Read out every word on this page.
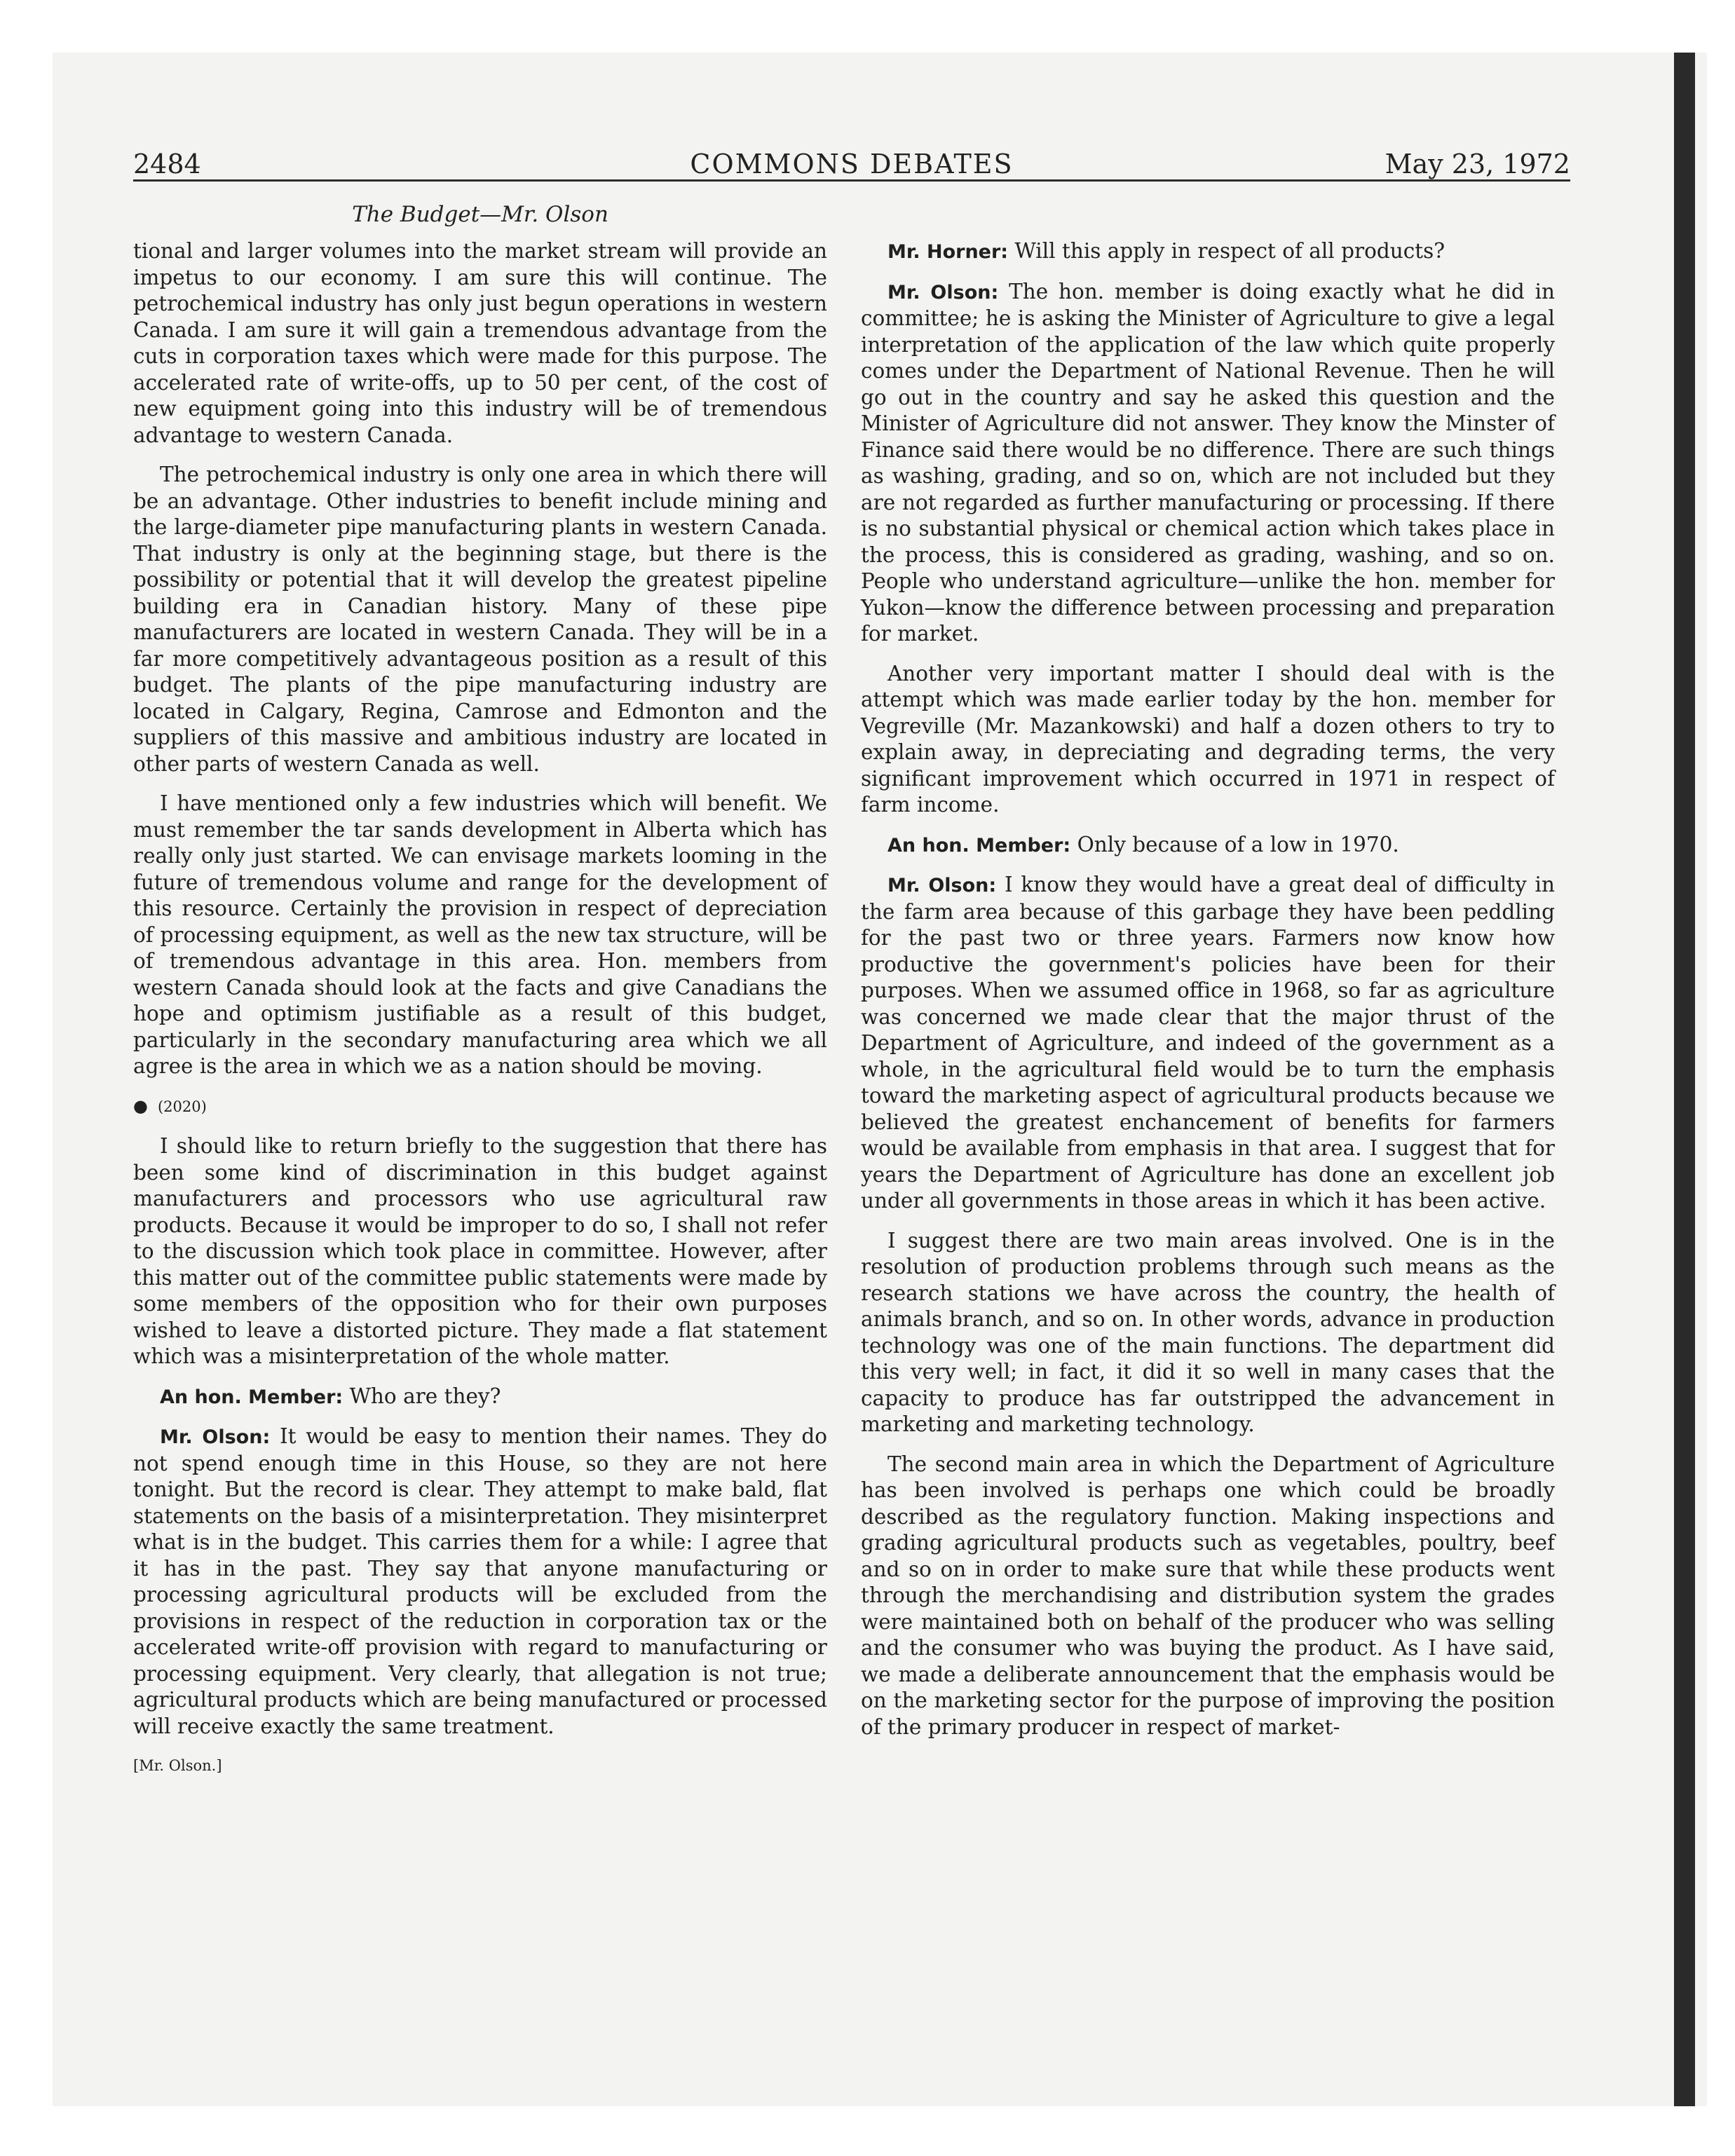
2484	COMMONS DEBATES	May 23, 1972
The Budget—Mr. Olson

tional and larger volumes into the market stream will provide an impetus to our economy. I am sure this will continue. The petrochemical industry has only just begun operations in western Canada. I am sure it will gain a tremendous advantage from the cuts in corporation taxes which were made for this purpose. The accelerated rate of write-offs, up to 50 per cent, of the cost of new equipment going into this industry will be of tremendous advantage to western Canada.

The petrochemical industry is only one area in which there will be an advantage. Other industries to benefit include mining and the large-diameter pipe manufacturing plants in western Canada. That industry is only at the beginning stage, but there is the possibility or potential that it will develop the greatest pipeline building era in Canadian history. Many of these pipe manufacturers are located in western Canada. They will be in a far more competitively advantageous position as a result of this budget. The plants of the pipe manufacturing industry are located in Calgary, Regina, Camrose and Edmonton and the suppliers of this massive and ambitious industry are located in other parts of western Canada as well.

I have mentioned only a few industries which will benefit. We must remember the tar sands development in Alberta which has really only just started. We can envisage markets looming in the future of tremendous volume and range for the development of this resource. Certainly the provision in respect of depreciation of processing equipment, as well as the new tax structure, will be of tremendous advantage in this area. Hon. members from western Canada should look at the facts and give Canadians the hope and optimism justifiable as a result of this budget, particularly in the secondary manufacturing area which we all agree is the area in which we as a nation should be moving.

● (2020)

I should like to return briefly to the suggestion that there has been some kind of discrimination in this budget against manufacturers and processors who use agricultural raw products. Because it would be improper to do so, I shall not refer to the discussion which took place in committee. However, after this matter out of the committee public statements were made by some members of the opposition who for their own purposes wished to leave a distorted picture. They made a flat statement which was a misinterpretation of the whole matter.

An hon. Member: Who are they?

Mr. Olson: It would be easy to mention their names. They do not spend enough time in this House, so they are not here tonight. But the record is clear. They attempt to make bald, flat statements on the basis of a misinterpretation. They misinterpret what is in the budget. This carries them for a while: I agree that it has in the past. They say that anyone manufacturing or processing agricultural products will be excluded from the provisions in respect of the reduction in corporation tax or the accelerated write-off provision with regard to manufacturing or processing equipment. Very clearly, that allegation is not true; agricultural products which are being manufactured or processed will receive exactly the same treatment.

[Mr. Olson.]

Mr. Horner: Will this apply in respect of all products?

Mr. Olson: The hon. member is doing exactly what he did in committee; he is asking the Minister of Agriculture to give a legal interpretation of the application of the law which quite properly comes under the Department of National Revenue. Then he will go out in the country and say he asked this question and the Minister of Agriculture did not answer. They know the Minster of Finance said there would be no difference. There are such things as washing, grading, and so on, which are not included but they are not regarded as further manufacturing or processing. If there is no substantial physical or chemical action which takes place in the process, this is considered as grading, washing, and so on. People who understand agriculture—unlike the hon. member for Yukon—know the difference between processing and preparation for market.

Another very important matter I should deal with is the attempt which was made earlier today by the hon. member for Vegreville (Mr. Mazankowski) and half a dozen others to try to explain away, in depreciating and degrading terms, the very significant improvement which occurred in 1971 in respect of farm income.

An hon. Member: Only because of a low in 1970.

Mr. Olson: I know they would have a great deal of difficulty in the farm area because of this garbage they have been peddling for the past two or three years. Farmers now know how productive the government's policies have been for their purposes. When we assumed office in 1968, so far as agriculture was concerned we made clear that the major thrust of the Department of Agriculture, and indeed of the government as a whole, in the agricultural field would be to turn the emphasis toward the marketing aspect of agricultural products because we believed the greatest enchancement of benefits for farmers would be available from emphasis in that area. I suggest that for years the Department of Agriculture has done an excellent job under all governments in those areas in which it has been active.

I suggest there are two main areas involved. One is in the resolution of production problems through such means as the research stations we have across the country, the health of animals branch, and so on. In other words, advance in production technology was one of the main functions. The department did this very well; in fact, it did it so well in many cases that the capacity to produce has far outstripped the advancement in marketing and marketing technology.

The second main area in which the Department of Agriculture has been involved is perhaps one which could be broadly described as the regulatory function. Making inspections and grading agricultural products such as vegetables, poultry, beef and so on in order to make sure that while these products went through the merchandising and distribution system the grades were maintained both on behalf of the producer who was selling and the consumer who was buying the product. As I have said, we made a deliberate announcement that the emphasis would be on the marketing sector for the purpose of improving the position of the primary producer in respect of market-
